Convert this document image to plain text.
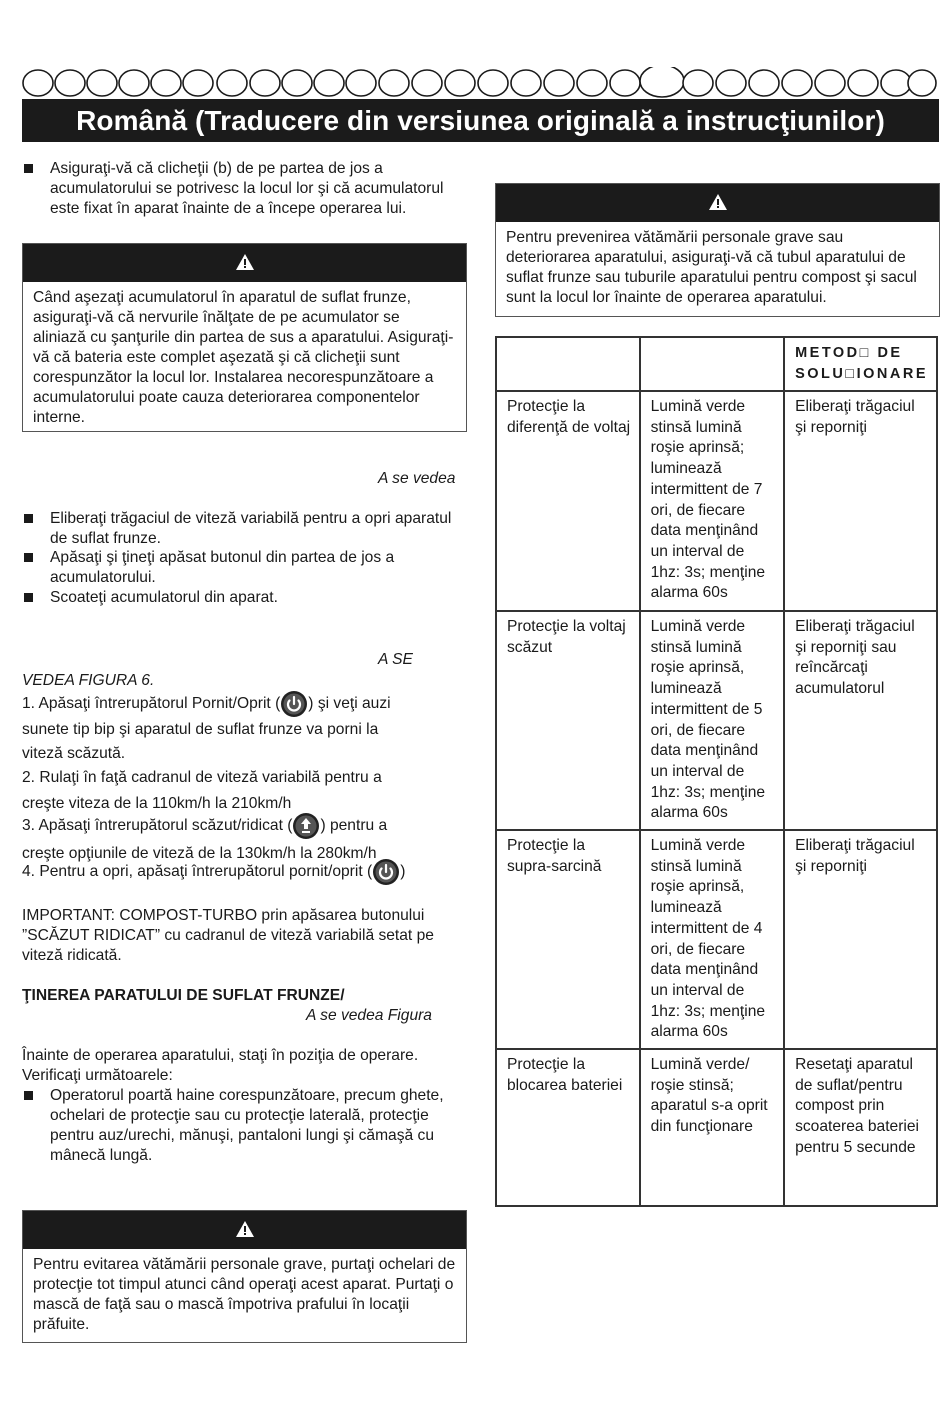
Română (Traducere din versiunea originală a instrucţiunilor)
Asiguraţi-vă că clicheţii (b) de pe partea de jos a acumulatorului se potrivesc la locul lor şi că acumulatorul este fixat în aparat înainte de a începe operarea lui.
Când aşezaţi acumulatorul în aparatul de suflat frunze, asiguraţi-vă că nervurile înălţate de pe acumulator se aliniază cu şanţurile din partea de sus a aparatului. Asiguraţi-vă că bateria este complet aşezată şi că clicheţii sunt corespunzător la locul lor. Instalarea necorespunzătoare a acumulatorului poate cauza deteriorarea componentelor interne.
A se vedea
Eliberaţi trăgaciul de viteză variabilă pentru a opri aparatul de suflat frunze.
Apăsaţi şi ţineţi apăsat butonul din partea de jos a acumulatorului.
Scoateţi acumulatorul din aparat.
A SE
VEDEA FIGURA 6.
1. Apăsaţi întrerupătorul Pornit/Oprit ( ) şi veţi auzi
sunete tip bip şi aparatul de suflat frunze va porni la
viteză scăzută.
2. Rulaţi în faţă cadranul de viteză variabilă pentru a
creşte viteza de la 110km/h la 210km/h
3. Apăsaţi întrerupătorul scăzut/ridicat ( ) pentru a
creşte opţiunile de viteză de la 130km/h la 280km/h
4. Pentru a opri, apăsaţi întrerupătorul pornit/oprit ( )
IMPORTANT: COMPOST-TURBO prin apăsarea butonului ”SCĂZUT RIDICAT” cu cadranul de viteză variabilă setat pe viteză ridicată.
ŢINEREA PARATULUI DE SUFLAT FRUNZE/
A se vedea Figura
Înainte de operarea aparatului, staţi în poziţia de operare. Verificaţi următoarele:
Operatorul poartă haine corespunzătoare, precum ghete, ochelari de protecţie sau cu protecţie laterală, protecţie pentru auz/urechi, mănuşi, pantaloni lungi şi cămaşă cu mânecă lungă.
Pentru evitarea vătămării personale grave, purtaţi ochelari de protecţie tot timpul atunci când operaţi acest aparat. Purtaţi o mască de faţă sau o mască împotriva prafului în locaţii prăfuite.
Pentru prevenirea vătămării personale grave sau deteriorarea aparatului, asiguraţi-vă că tubul aparatului de suflat frunze sau tuburile aparatului pentru compost şi sacul sunt la locul lor înainte de operarea aparatului.
		METOD□ DE SOLU□IONARE
Protecţie la diferenţă de voltaj	Lumină verde stinsă lumină roşie aprinsă; luminează intermittent de 7 ori, de fiecare data menţinând un interval de 1hz: 3s; menţine alarma 60s	Eliberaţi trăgaciul şi reporniţi
Protecţie la voltaj scăzut	Lumină verde stinsă lumină roşie aprinsă, luminează intermittent de 5 ori, de fiecare data menţinând un interval de 1hz: 3s; menţine alarma 60s	Eliberaţi trăgaciul şi reporniţi sau reîncărcaţi acumulatorul
Protecţie la supra-sarcină	Lumină verde stinsă lumină roşie aprinsă, luminează intermittent de 4 ori, de fiecare data menţinând un interval de 1hz: 3s; menţine alarma 60s	Eliberaţi trăgaciul şi reporniţi
Protecţie la blocarea bateriei	Lumină verde/ roşie stinsă; aparatul s-a oprit din funcţionare	Resetaţi aparatul de suflat/pentru compost prin scoaterea bateriei pentru 5 secunde
